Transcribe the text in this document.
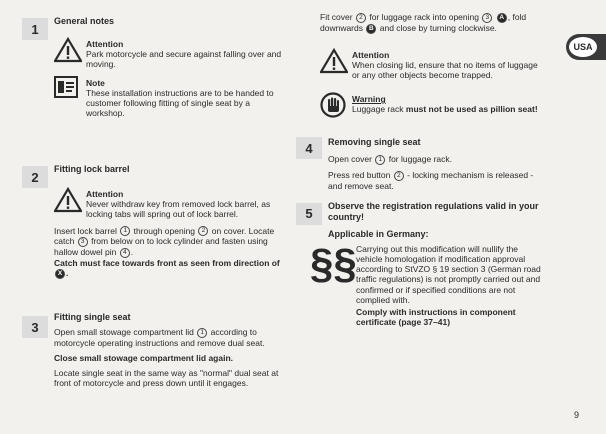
1
General notes
Attention
Park motorcycle and secure against falling over and moving.
Note
These installation instructions are to be handed to customer following fitting of single seat by a workshop.
2
Fitting lock barrel
Attention
Never withdraw key from removed lock barrel, as locking tabs will spring out of lock barrel.

Insert lock barrel 1 through opening 2 on cover. Locate catch 3 from below on to lock cylinder and fasten using hallow dowel pin 4 .
Catch must face towards front as seen from direction of X .

3
Fitting single seat

Open small stowage compartment lid 1 according to motorcycle operating instructions and remove dual seat.

Close small stowage compartment lid again.

Locate single seat in the same way as "normal" dual seat at front of motorcycle and press down until it engages.

Fit cover 2 for luggage rack into opening 3 A , fold downwards B and close by turning clockwise.

Attention
When closing lid, ensure that no items of luggage or any other objects become trapped.
Warning
Luggage rack must not be used as pillion seat!
4	Removing single seat

Open cover 1 for luggage rack.

Press red button 2 - locking mechanism is released - and remove seat.

5
Observe the registration regulations valid in your country!
Applicable in Germany:
§§ Carrying out this modification will nullify the vehicle homologation if modification approval according to StVZO § 19 section 3 (German road traffic regulations) is not promptly carried out and confirmed or if specified conditions are not complied with.

Comply with instructions in component certificate (page 37–41)

USA
9
